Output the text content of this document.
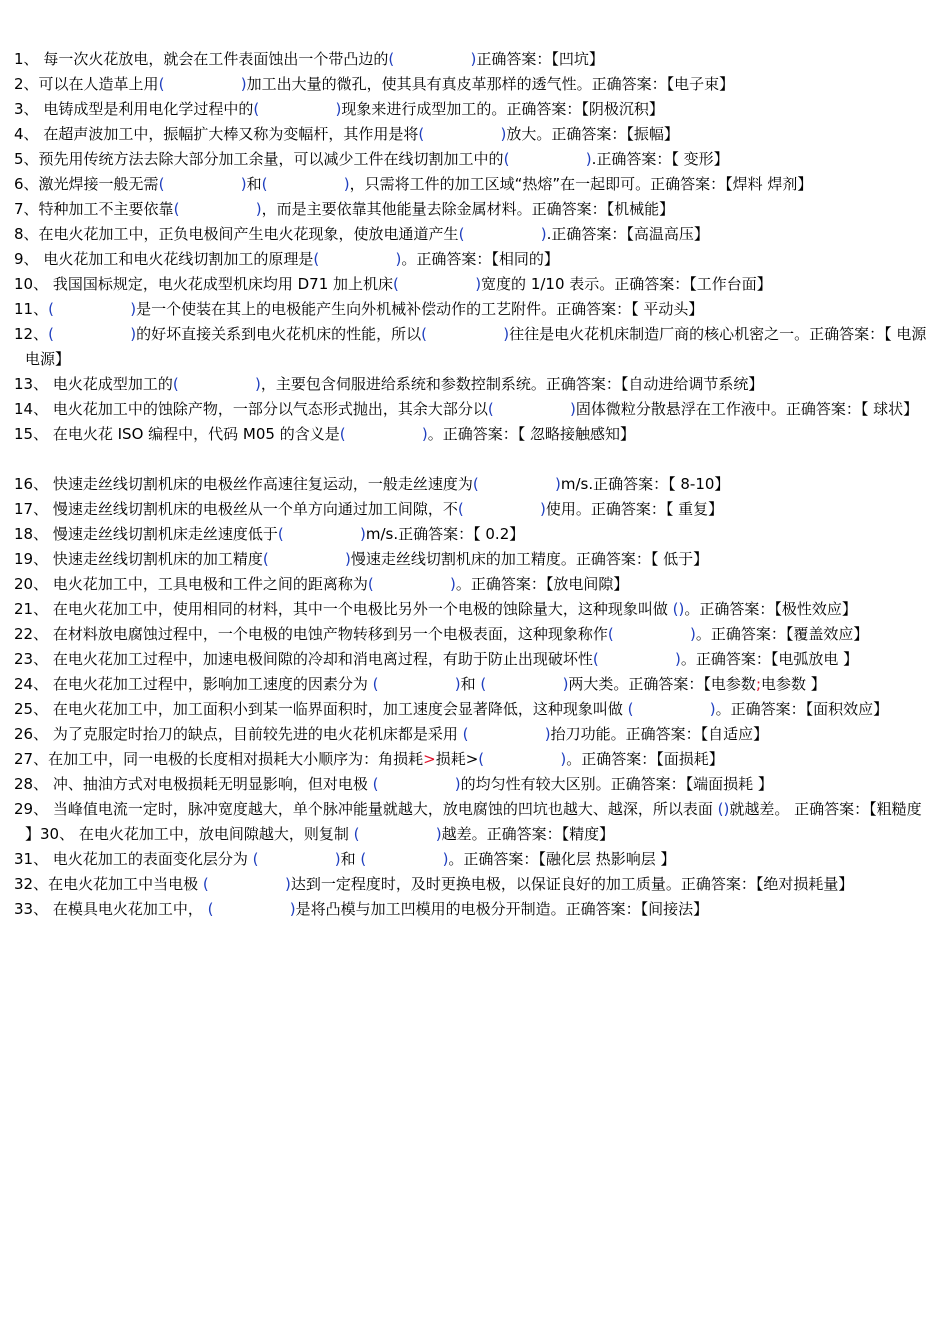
1、 每一次火花放电，就会在工件表面蚀出一个带凸边的(                )正确答案：【凹坑】

2、可以在人造革上用(                )加工出大量的微孔，使其具有真皮革那样的透气性。正确答案：【电子束】

3、 电铸成型是利用电化学过程中的(                )现象来进行成型加工的。正确答案：【阴极沉积】

4、 在超声波加工中，振幅扩大棒又称为变幅杆，其作用是将(                )放大。正确答案：【振幅】

5、预先用传统方法去除大部分加工余量，可以减少工件在线切割加工中的(                ).正确答案：【 变形】

6、激光焊接一般无需(                )和(                )，只需将工件的加工区域“热熔”在一起即可。正确答案：【焊料 焊剂】

7、特种加工不主要依靠(                )，而是主要依靠其他能量去除金属材料。正确答案：【机械能】

8、在电火花加工中，正负电极间产生电火花现象，使放电通道产生(                ).正确答案：【高温高压】

9、 电火花加工和电火花线切割加工的原理是(                )。正确答案：【相同的】

10、 我国国标规定，电火花成型机床均用 D71 加上机床(                )宽度的 1/10 表示。正确答案：【工作台面】

11、(                )是一个使装在其上的电极能产生向外机械补偿动作的工艺附件。正确答案：【 平动头】

12、(                )的好坏直接关系到电火花机床的性能，所以(                )往往是电火花机床制造厂商的核心机密之一。正确答案：【 电源 电源】

13、 电火花成型加工的(                )，主要包含伺服进给系统和参数控制系统。正确答案：【自动进给调节系统】

14、 电火花加工中的蚀除产物，一部分以气态形式抛出，其余大部分以(                )固体微粒分散悬浮在工作液中。正确答案：【 球状】

15、 在电火花 ISO 编程中，代码 M05 的含义是(                )。正确答案：【 忽略接触感知】

16、 快速走丝线切割机床的电极丝作高速往复运动，一般走丝速度为(                )m/s.正确答案：【 8-10】

17、 慢速走丝线切割机床的电极丝从一个单方向通过加工间隙，不(                )使用。正确答案：【 重复】

18、 慢速走丝线切割机床走丝速度低于(                )m/s.正确答案：【 0.2】

19、 快速走丝线切割机床的加工精度(                )慢速走丝线切割机床的加工精度。正确答案：【 低于】

20、 电火花加工中，工具电极和工件之间的距离称为(                )。正确答案：【放电间隙】

21、 在电火花加工中，使用相同的材料，其中一个电极比另外一个电极的蚀除量大，这种现象叫做 ()。正确答案：【极性效应】

22、 在材料放电腐蚀过程中，一个电极的电蚀产物转移到另一个电极表面，这种现象称作(                )。正确答案：【覆盖效应】

23、 在电火花加工过程中，加速电极间隙的冷却和消电离过程，有助于防止出现破坏性(                )。正确答案：【电弧放电 】

24、 在电火花加工过程中，影响加工速度的因素分为 (                )和 (                )两大类。正确答案：【电参数;电参数 】

25、 在电火花加工中，加工面积小到某一临界面积时，加工速度会显著降低，这种现象叫做 (                )。正确答案：【面积效应】

26、 为了克服定时抬刀的缺点，目前较先进的电火花机床都是采用 (                )抬刀功能。正确答案：【自适应】

27、在加工中，同一电极的长度相对损耗大小顺序为：角损耗>损耗>(                )。正确答案：【面损耗】

28、 冲、抽油方式对电极损耗无明显影响，但对电极 (                )的均匀性有较大区别。正确答案：【端面损耗 】

29、 当峰值电流一定时，脉冲宽度越大，单个脉冲能量就越大，放电腐蚀的凹坑也越大、越深，所以表面 ()就越差。 正确答案：【粗糙度 】30、 在电火花加工中，放电间隙越大，则复制 (                )越差。正确答案：【精度】

31、 电火花加工的表面变化层分为 (                )和 (                )。正确答案：【融化层 热影响层 】

32、在电火花加工中当电极 (                )达到一定程度时，及时更换电极，以保证良好的加工质量。正确答案：【绝对损耗量】

33、 在模具电火花加工中， (                )是将凸模与加工凹模用的电极分开制造。正确答案：【间接法】
